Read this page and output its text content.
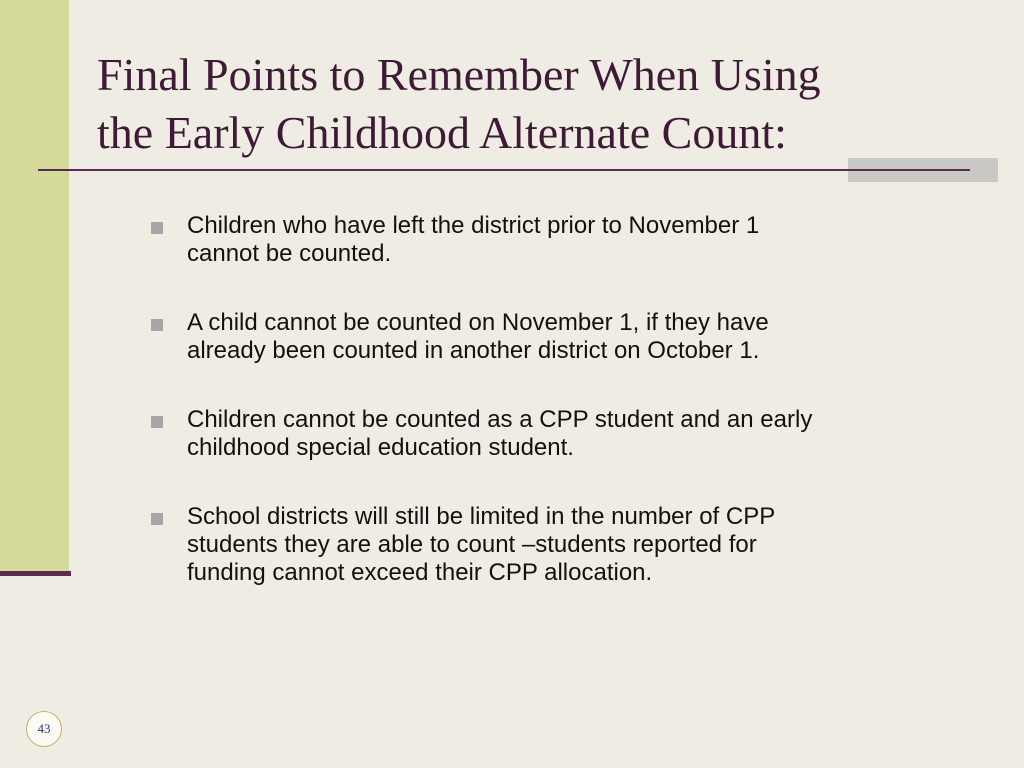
Final Points to Remember When Using
the Early Childhood Alternate Count:
Children who have left the district prior to November 1
cannot be counted.
A child cannot be counted on November 1, if they have
already been counted in another district on October 1.
Children cannot be counted as a CPP student and an early
childhood special education student.
School districts will still be limited in the number of CPP
students they are able to count –students reported for
funding cannot exceed their CPP allocation.
43
